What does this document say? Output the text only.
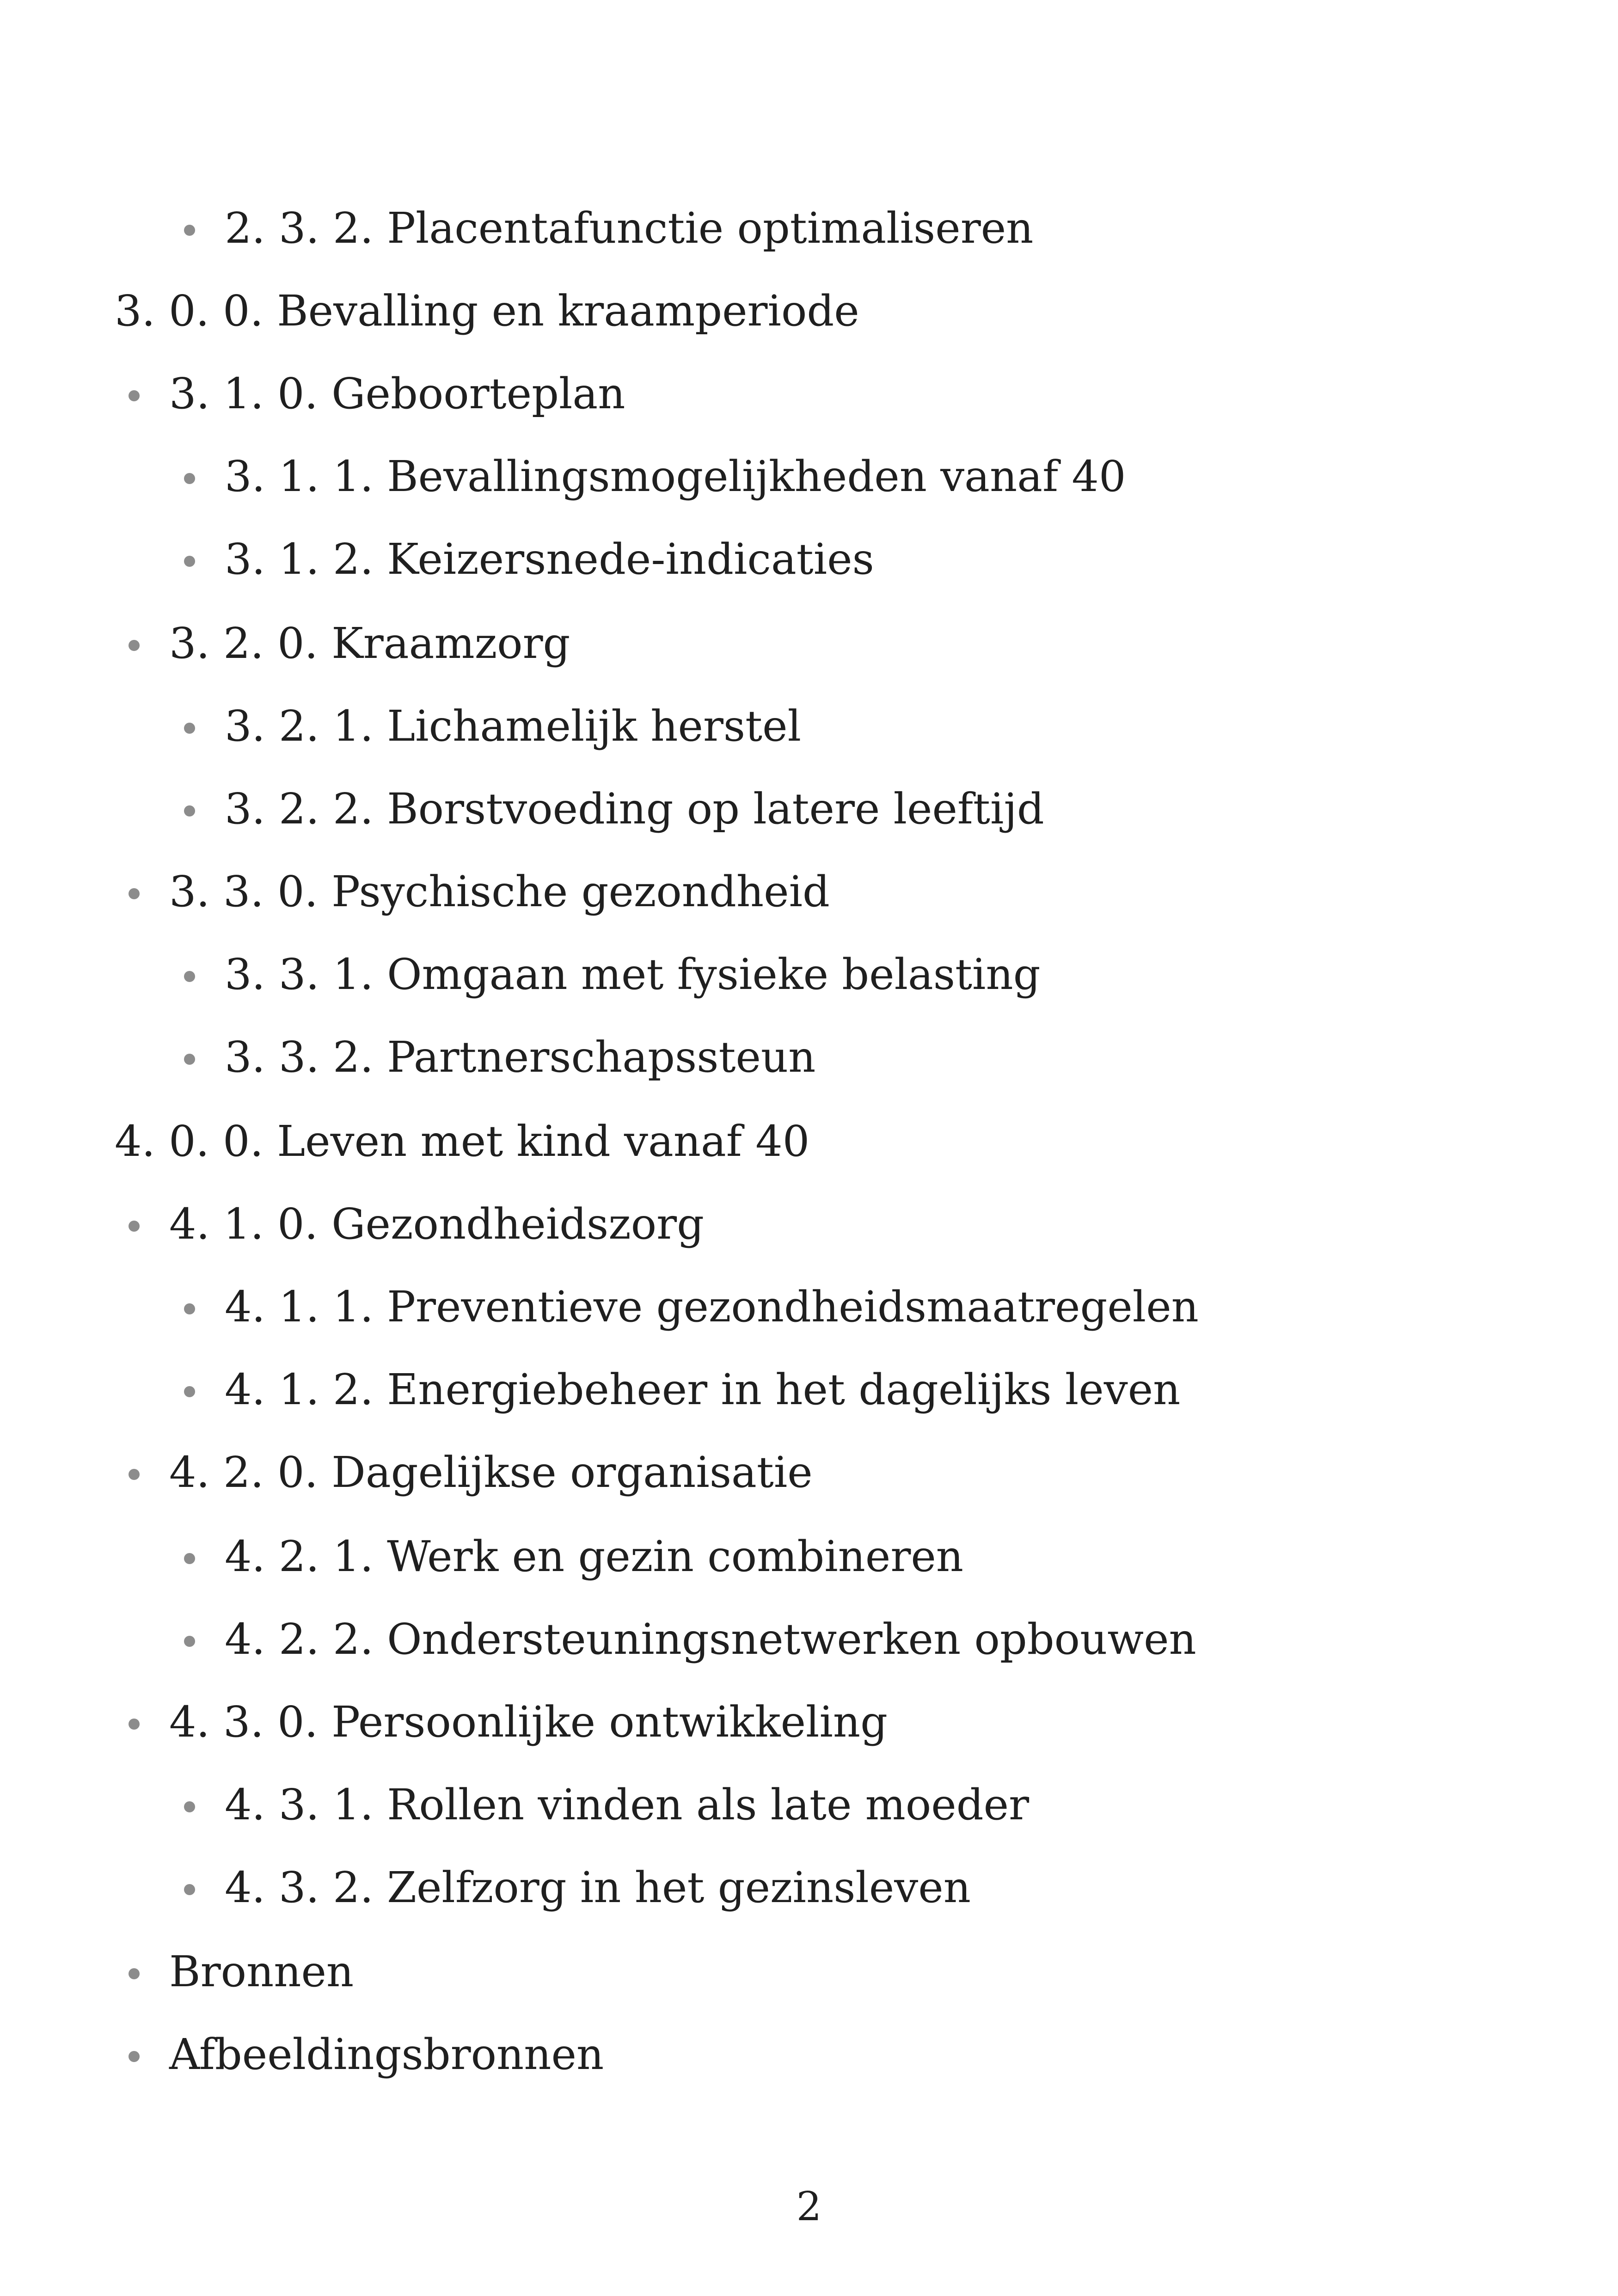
2. 3. 2. Placentafunctie optimaliseren
3. 0. 0. Bevalling en kraamperiode
3. 1. 0. Geboorteplan
3. 1. 1. Bevallingsmogelijkheden vanaf 40
3. 1. 2. Keizersnede-indicaties
3. 2. 0. Kraamzorg
3. 2. 1. Lichamelijk herstel
3. 2. 2. Borstvoeding op latere leeftijd
3. 3. 0. Psychische gezondheid
3. 3. 1. Omgaan met fysieke belasting
3. 3. 2. Partnerschapssteun
4. 0. 0. Leven met kind vanaf 40
4. 1. 0. Gezondheidszorg
4. 1. 1. Preventieve gezondheidsmaatregelen
4. 1. 2. Energiebeheer in het dagelijks leven
4. 2. 0. Dagelijkse organisatie
4. 2. 1. Werk en gezin combineren
4. 2. 2. Ondersteuningsnetwerken opbouwen
4. 3. 0. Persoonlijke ontwikkeling
4. 3. 1. Rollen vinden als late moeder
4. 3. 2. Zelfzorg in het gezinsleven
Bronnen
Afbeeldingsbronnen
2
